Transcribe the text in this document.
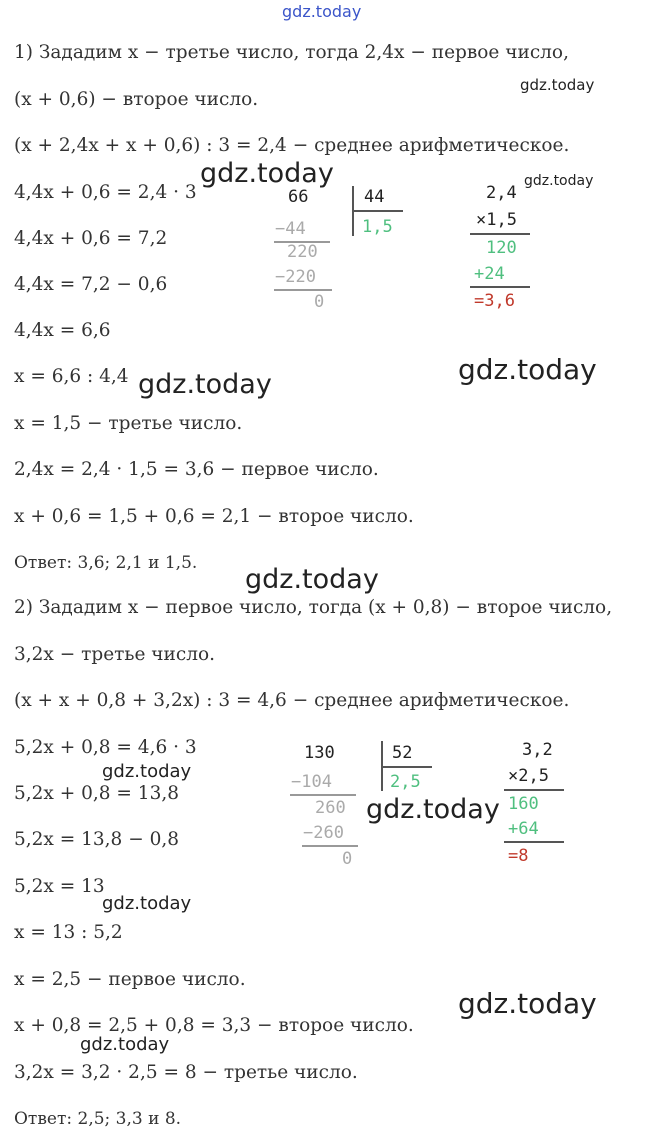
gdz.today
gdz.today
gdz.today	gdz.today
gdz.today	gdz.today
gdz.today
gdz.today
gdz.today
gdz.today
gdz.today
gdz.today
1) Зададим x − третье число, тогда 2,4x − первое число,
(x + 0,6) − второе число.
(x + 2,4x + x + 0,6) : 3 = 2,4 − среднее арифметическое.
4,4x + 0,6 = 2,4 · 3
4,4x + 0,6 = 7,2
4,4x = 7,2 − 0,6
4,4x = 6,6
x = 6,6 : 4,4
x = 1,5 − третье число.
2,4x = 2,4 · 1,5 = 3,6 − первое число.
x + 0,6 = 1,5 + 0,6 = 2,1 − второе число.
Ответ: 3,6; 2,1 и 1,5.
66	44
1,5
−44
220
−220
0
2,4
×1,5
120
+24
=3,6
2) Зададим x − первое число, тогда (x + 0,8) − второе число,
3,2x − третье число.
(x + x + 0,8 + 3,2x) : 3 = 4,6 − среднее арифметическое.
5,2x + 0,8 = 4,6 · 3
5,2x + 0,8 = 13,8
5,2x = 13,8 − 0,8
5,2x = 13
x = 13 : 5,2
x = 2,5 − первое число.
x + 0,8 = 2,5 + 0,8 = 3,3 − второе число.
3,2x = 3,2 · 2,5 = 8 − третье число.
Ответ: 2,5; 3,3 и 8.
130	52
2,5
−104
260
−260
0
3,2
×2,5
160
+64
=8
